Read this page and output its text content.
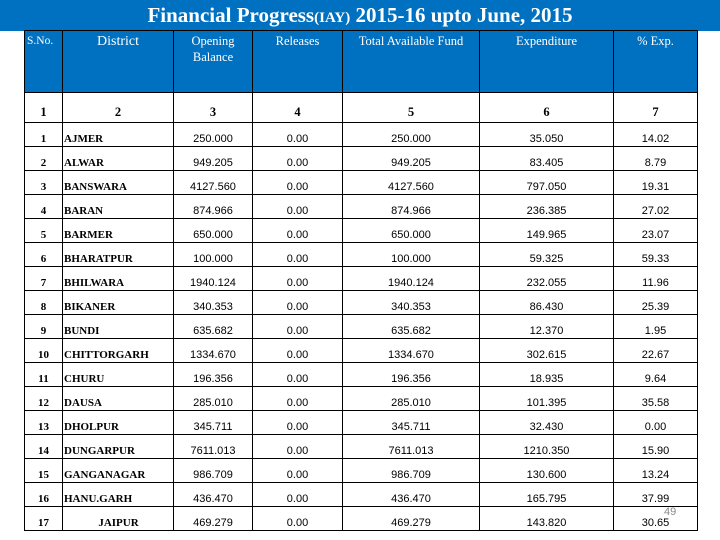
Financial Progress(IAY) 2015-16 upto June, 2015
S.No.	District	Opening Balance	Releases	Total Available Fund	Expenditure	% Exp.
1	2	3	4	5	6	7
1	AJMER	250.000	0.00	250.000	35.050	14.02
2	ALWAR	949.205	0.00	949.205	83.405	8.79
3	BANSWARA	4127.560	0.00	4127.560	797.050	19.31
4	BARAN	874.966	0.00	874.966	236.385	27.02
5	BARMER	650.000	0.00	650.000	149.965	23.07
6	BHARATPUR	100.000	0.00	100.000	59.325	59.33
7	BHILWARA	1940.124	0.00	1940.124	232.055	11.96
8	BIKANER	340.353	0.00	340.353	86.430	25.39
9	BUNDI	635.682	0.00	635.682	12.370	1.95
10	CHITTORGARH	1334.670	0.00	1334.670	302.615	22.67
11	CHURU	196.356	0.00	196.356	18.935	9.64
12	DAUSA	285.010	0.00	285.010	101.395	35.58
13	DHOLPUR	345.711	0.00	345.711	32.430	0.00
14	DUNGARPUR	7611.013	0.00	7611.013	1210.350	15.90
15	GANGANAGAR	986.709	0.00	986.709	130.600	13.24
16	HANU.GARH	436.470	0.00	436.470	165.795	37.99
17	JAIPUR	469.279	0.00	469.279	143.820	30.65
49
